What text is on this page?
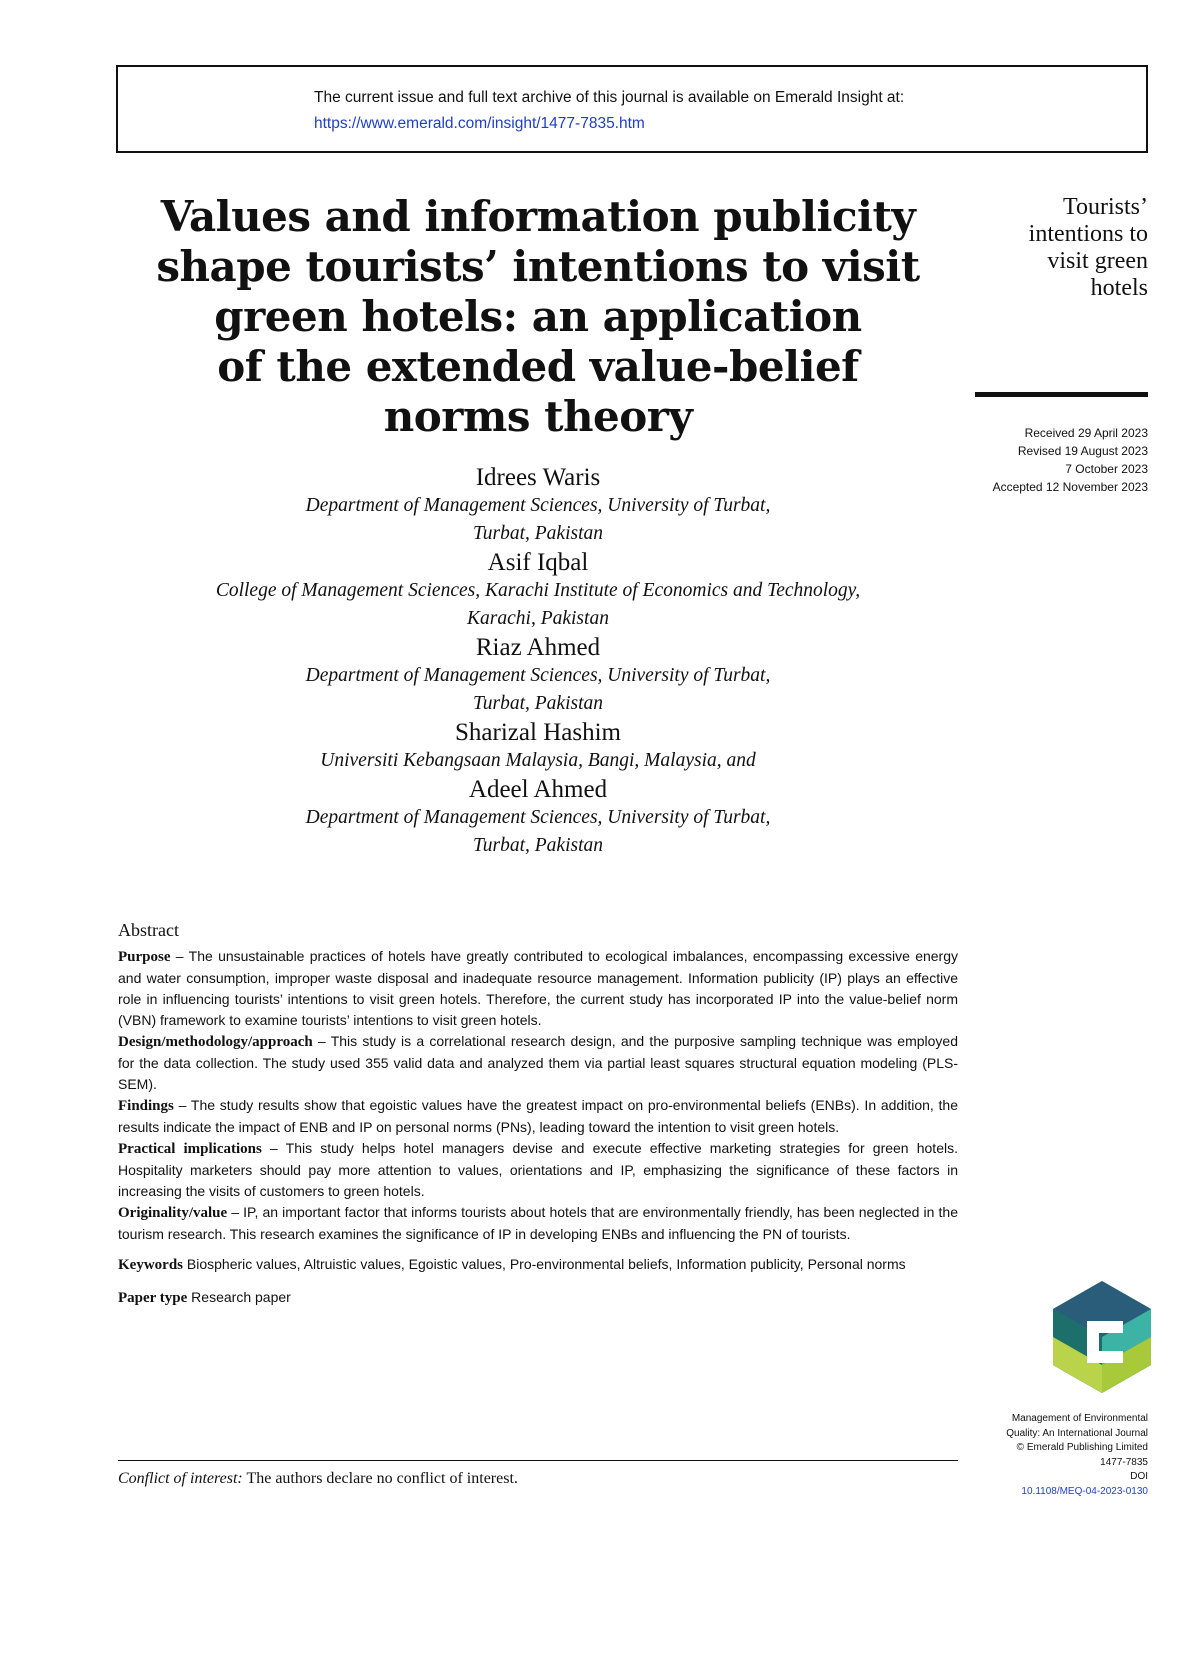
The current issue and full text archive of this journal is available on Emerald Insight at:
https://www.emerald.com/insight/1477-7835.htm
Values and information publicity
shape tourists’ intentions to visit
green hotels: an application
of the extended value-belief
norms theory
Tourists’
intentions to
visit green
hotels
Received 29 April 2023
Revised 19 August 2023
7 October 2023
Accepted 12 November 2023

Idrees Waris

Department of Management Sciences, University of Turbat,

Turbat, Pakistan

Asif Iqbal

College of Management Sciences, Karachi Institute of Economics and Technology,

Karachi, Pakistan

Riaz Ahmed

Department of Management Sciences, University of Turbat,

Turbat, Pakistan

Sharizal Hashim

Universiti Kebangsaan Malaysia, Bangi, Malaysia, and

Adeel Ahmed

Department of Management Sciences, University of Turbat,

Turbat, Pakistan

Abstract

Purpose – The unsustainable practices of hotels have greatly contributed to ecological imbalances, encompassing excessive energy and water consumption, improper waste disposal and inadequate resource management. Information publicity (IP) plays an effective role in influencing tourists’ intentions to visit green hotels. Therefore, the current study has incorporated IP into the value-belief norm (VBN) framework to examine tourists’ intentions to visit green hotels.

Design/methodology/approach – This study is a correlational research design, and the purposive sampling technique was employed for the data collection. The study used 355 valid data and analyzed them via partial least squares structural equation modeling (PLS-SEM).

Findings – The study results show that egoistic values have the greatest impact on pro-environmental beliefs (ENBs). In addition, the results indicate the impact of ENB and IP on personal norms (PNs), leading toward the intention to visit green hotels.

Practical implications – This study helps hotel managers devise and execute effective marketing strategies for green hotels. Hospitality marketers should pay more attention to values, orientations and IP, emphasizing the significance of these factors in increasing the visits of customers to green hotels.

Originality/value – IP, an important factor that informs tourists about hotels that are environmentally friendly, has been neglected in the tourism research. This research examines the significance of IP in developing ENBs and influencing the PN of tourists.

Keywords Biospheric values, Altruistic values, Egoistic values, Pro-environmental beliefs, Information publicity, Personal norms

Paper type Research paper

Management of Environmental
Quality: An International Journal
© Emerald Publishing Limited
1477-7835
DOI
10.1108/MEQ-04-2023-0130
Conflict of interest: The authors declare no conflict of interest.
